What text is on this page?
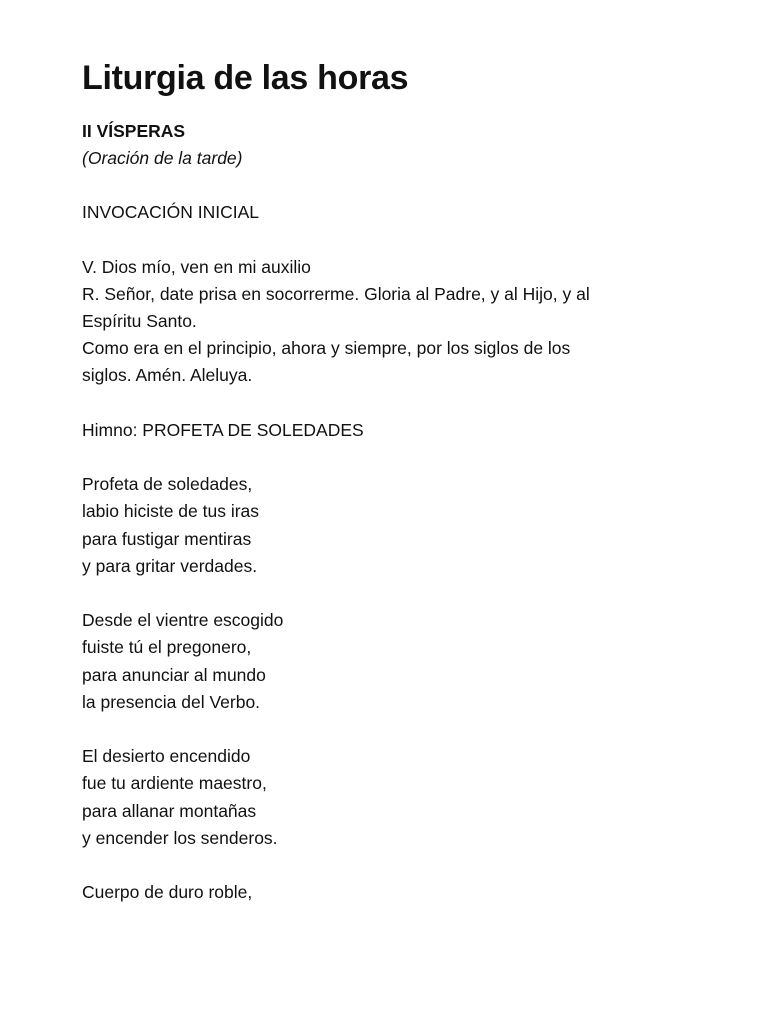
Liturgia de las horas
II VÍSPERAS
(Oración de la tarde)
INVOCACIÓN INICIAL
V. Dios mío, ven en mi auxilio
R. Señor, date prisa en socorrerme. Gloria al Padre, y al Hijo, y al
Espíritu Santo.
Como era en el principio, ahora y siempre, por los siglos de los
siglos. Amén. Aleluya.
Himno: PROFETA DE SOLEDADES
Profeta de soledades,
labio hiciste de tus iras
para fustigar mentiras
y para gritar verdades.
Desde el vientre escogido
fuiste tú el pregonero,
para anunciar al mundo
la presencia del Verbo.
El desierto encendido
fue tu ardiente maestro,
para allanar montañas
y encender los senderos.
Cuerpo de duro roble,
